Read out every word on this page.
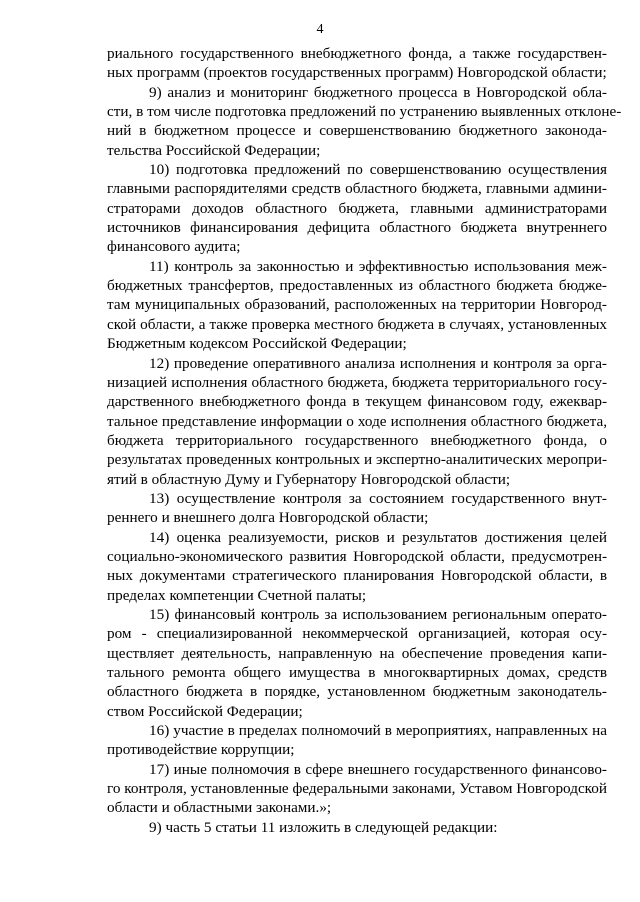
4
риального государственного внебюджетного фонда, а также государствен-
ных программ (проектов государственных программ) Новгородской области;
9) анализ и мониторинг бюджетного процесса в Новгородской обла-
сти, в том числе подготовка предложений по устранению выявленных отклоне-
ний в бюджетном процессе и совершенствованию бюджетного законода-
тельства Российской Федерации;
10) подготовка предложений по совершенствованию осуществления
главными распорядителями средств областного бюджета, главными админи-
страторами доходов областного бюджета, главными администраторами
источников финансирования дефицита областного бюджета внутреннего
финансового аудита;
11) контроль за законностью и эффективностью использования меж-
бюджетных трансфертов, предоставленных из областного бюджета бюдже-
там муниципальных образований, расположенных на территории Новгород-
ской области, а также проверка местного бюджета в случаях, установленных
Бюджетным кодексом Российской Федерации;
12) проведение оперативного анализа исполнения и контроля за орга-
низацией исполнения областного бюджета, бюджета территориального госу-
дарственного внебюджетного фонда в текущем финансовом году, ежеквар-
тальное представление информации о ходе исполнения областного бюджета,
бюджета территориального государственного внебюджетного фонда, о
результатах проведенных контрольных и экспертно-аналитических меропри-
ятий в областную Думу и Губернатору Новгородской области;
13) осуществление контроля за состоянием государственного внут-
реннего и внешнего долга Новгородской области;
14) оценка реализуемости, рисков и результатов достижения целей
социально-экономического развития Новгородской области, предусмотрен-
ных документами стратегического планирования Новгородской области, в
пределах компетенции Счетной палаты;
15) финансовый контроль за использованием региональным операто-
ром - специализированной некоммерческой организацией, которая осу-
ществляет деятельность, направленную на обеспечение проведения капи-
тального ремонта общего имущества в многоквартирных домах, средств
областного бюджета в порядке, установленном бюджетным законодатель-
ством Российской Федерации;
16) участие в пределах полномочий в мероприятиях, направленных на
противодействие коррупции;
17) иные полномочия в сфере внешнего государственного финансово-
го контроля, установленные федеральными законами, Уставом Новгородской
области и областными законами.»;
9) часть 5 статьи 11 изложить в следующей редакции:
